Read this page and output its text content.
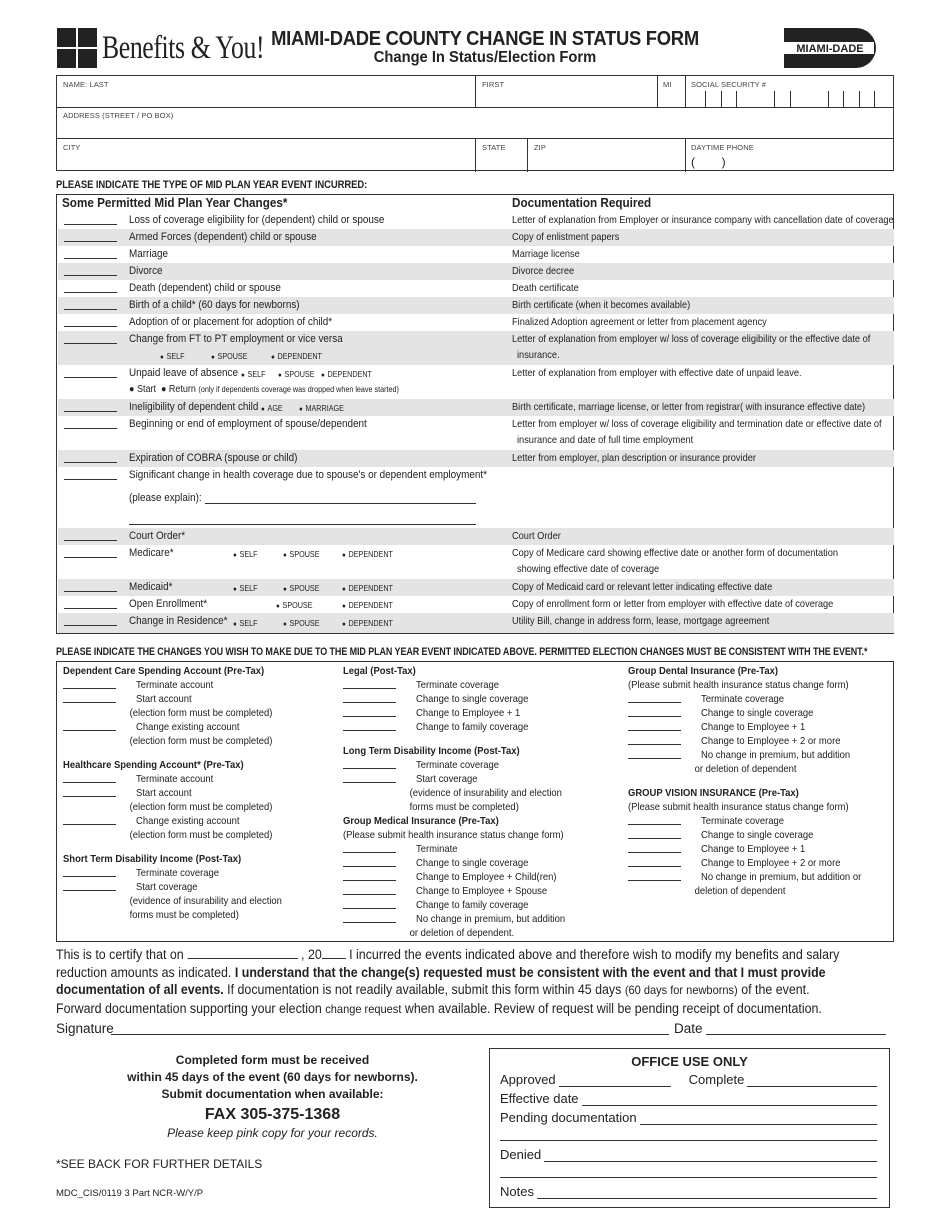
Benefits & You! MIAMI-DADE COUNTY CHANGE IN STATUS FORM
Change In Status/Election Form	MIAMI-DADE
NAME: LAST	FIRST	MI	SOCIAL SECURITY #
ADDRESS (STREET / PO BOX)
CITY	STATE	ZIP	DAYTIME PHONE
(        )
PLEASE INDICATE THE TYPE OF MID PLAN YEAR EVENT INCURRED:
Some Permitted Mid Plan Year Changes*	Documentation Required
Loss of coverage eligibility for (dependent) child or spouse	Letter of explanation from Employer or insurance company with cancellation date of coverage
Armed Forces (dependent) child or spouse	Copy of enlistment papers
Marriage	Marriage license
Divorce	Divorce decree
Death (dependent) child or spouse	Death certificate
Birth of a child* (60 days for newborns)	Birth certificate (when it becomes available)
Adoption of or placement for adoption of child*	Finalized Adoption agreement or letter from placement agency
Change from FT to PT employment or vice versa	Letter of explanation from employer w/ loss of coverage eligibility or the effective date of
insurance.
● SELF	● SPOUSE	● DEPENDENT
Unpaid leave of absence	Letter of explanation from employer with effective date of unpaid leave.
● SELF	● SPOUSE	● DEPENDENT
● Start ● Return (only if dependents coverage was dropped when leave started)
Ineligibility of dependent child	Birth certificate, marriage license, or letter from registrar( with insurance effective date)
● AGE	● MARRIAGE
Beginning or end of employment of spouse/dependent	Letter from employer w/ loss of coverage eligibility and termination date or effective date of
insurance and date of full time employment
Expiration of COBRA (spouse or child)	Letter from employer, plan description or insurance provider
Significant change in health coverage due to spouse's or dependent employment*
(please explain):
Court Order*	Court Order
Medicare*	Copy of Medicare card showing effective date or another form of documentation
showing effective date of coverage
● SELF	● SPOUSE	● DEPENDENT
Medicaid*	Copy of Medicaid card or relevant letter indicating effective date
● SELF	● SPOUSE	● DEPENDENT
Open Enrollment*	Copy of enrollment form or letter from employer with effective date of coverage
● SPOUSE	● DEPENDENT
Change in Residence*	Utility Bill, change in address form, lease, mortgage agreement
● SELF	● SPOUSE	● DEPENDENT
PLEASE INDICATE THE CHANGES YOU WISH TO MAKE DUE TO THE MID PLAN YEAR EVENT INDICATED ABOVE. PERMITTED ELECTION CHANGES MUST BE CONSISTENT WITH THE EVENT.*
Dependent Care Spending Account (Pre-Tax)
Terminate account
Start account
(election form must be completed)
Change existing account
(election form must be completed)
Healthcare Spending Account* (Pre-Tax)
Terminate account
Start account
(election form must be completed)
Change existing account
(election form must be completed)
Short Term Disability Income (Post-Tax)
Terminate coverage
Start coverage
(evidence of insurability and election
forms must be completed)
Legal (Post-Tax)
Terminate coverage
Change to single coverage
Change to Employee + 1
Change to family coverage
Long Term Disability Income (Post-Tax)
Terminate coverage
Start coverage
(evidence of insurability and election
forms must be completed)
Group Medical Insurance (Pre-Tax)
(Please submit health insurance status change form)
Terminate
Change to single coverage
Change to Employee + Child(ren)
Change to Employee + Spouse
Change to family coverage
No change in premium, but addition
or deletion of dependent.
Group Dental Insurance (Pre-Tax)
(Please submit health insurance status change form)
Terminate coverage
Change to single coverage
Change to Employee + 1
Change to Employee + 2 or more
No change in premium, but addition
or deletion of dependent
GROUP VISION INSURANCE (Pre-Tax)
(Please submit health insurance status change form)
Terminate coverage
Change to single coverage
Change to Employee + 1
Change to Employee + 2 or more
No change in premium, but addition or
deletion of dependent
This is to certify that on	, 20 I incurred the events indicated above and therefore wish to modify my benefits and salary
reduction amounts as indicated. I understand that the change(s) requested must be consistent with the event and that I must provide documentation of all events. If documentation is not readily available, submit this form within 45 days (60 days for newborns) of the event.
Forward documentation supporting your election change request when available. Review of request will be pending receipt of documentation.
Signature	Date
Completed form must be received
within 45 days of the event (60 days for newborns).
Submit documentation when available:
FAX 305-375-1368
Please keep pink copy for your records.
*SEE BACK FOR FURTHER DETAILS
MDC_CIS/0119 3 Part NCR-W/Y/P
OFFICE USE ONLY
Approved	Complete
Effective date
Pending documentation
Denied
Notes
